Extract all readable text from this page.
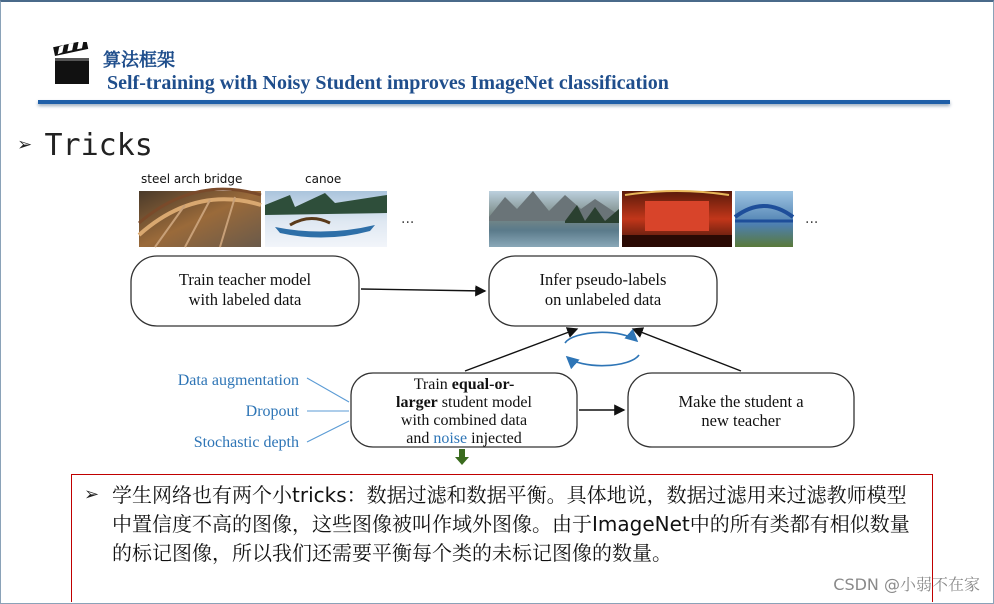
算法框架
Self-training with Noisy Student improves ImageNet classification
➢ Tricks
steel arch bridge	canoe
...	...
Train teacher model
with labeled data
Infer pseudo-labels
on unlabeled data
Train equal-or-
larger student model
with combined data
and noise injected
Make the student a
new teacher
Data augmentation
Dropout
Stochastic depth
➢ 学生网络也有两个小tricks：数据过滤和数据平衡。具体地说，数据过滤用来过滤教师模型中置信度不高的图像，这些图像被叫作域外图像。由于ImageNet中的所有类都有相似数量的标记图像，所以我们还需要平衡每个类的未标记图像的数量。

CSDN @小弱不在家
